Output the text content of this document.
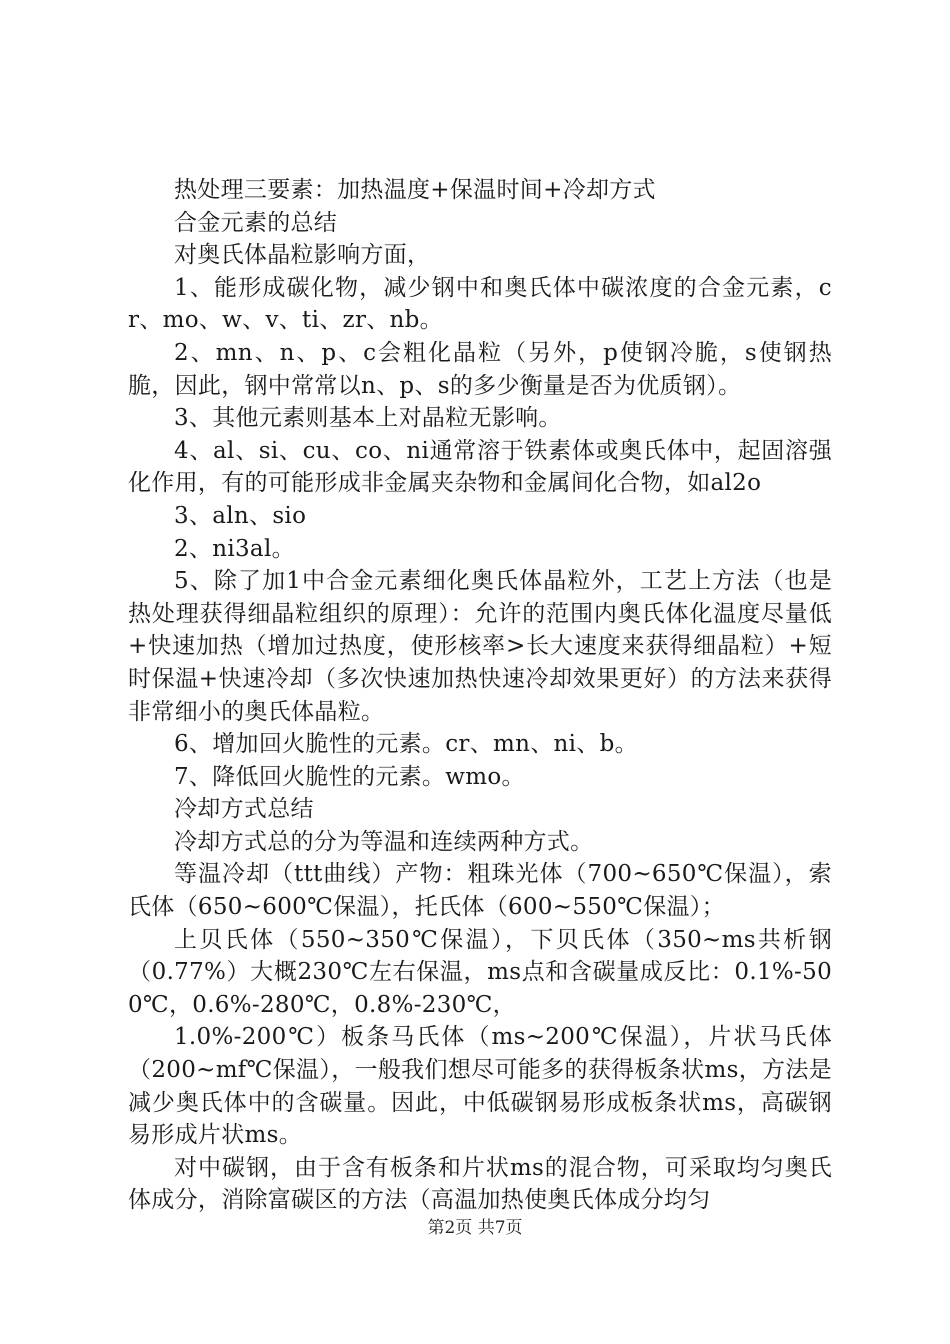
热处理三要素：加热温度+保温时间+冷却方式

合金元素的总结

对奥氏体晶粒影响方面，

1、能形成碳化物，减少钢中和奥氏体中碳浓度的合金元素，cr、mo、w、v、ti、zr、nb。

2、mn、n、p、c会粗化晶粒（另外，p使钢冷脆，s使钢热脆，因此，钢中常常以n、p、s的多少衡量是否为优质钢）。

3、其他元素则基本上对晶粒无影响。

4、al、si、cu、co、ni通常溶于铁素体或奥氏体中，起固溶强化作用，有的可能形成非金属夹杂物和金属间化合物，如al2o

3、aln、sio

2、ni3al。

5、除了加1中合金元素细化奥氏体晶粒外，工艺上方法（也是热处理获得细晶粒组织的原理）：允许的范围内奥氏体化温度尽量低+快速加热（增加过热度，使形核率>长大速度来获得细晶粒）+短时保温+快速冷却（多次快速加热快速冷却效果更好）的方法来获得非常细小的奥氏体晶粒。

6、增加回火脆性的元素。cr、mn、ni、b。

7、降低回火脆性的元素。wmo。

冷却方式总结

冷却方式总的分为等温和连续两种方式。

等温冷却（ttt曲线）产物：粗珠光体（700~650℃保温），索氏体（650~600℃保温），托氏体（600~550℃保温）；

上贝氏体（550~350℃保温），下贝氏体（350~ms共析钢（0.77%）大概230℃左右保温，ms点和含碳量成反比：0.1%-500℃，0.6%-280℃，0.8%-230℃，

1.0%-200℃）板条马氏体（ms~200℃保温），片状马氏体（200~mf℃保温），一般我们想尽可能多的获得板条状ms，方法是减少奥氏体中的含碳量。因此，中低碳钢易形成板条状ms，高碳钢易形成片状ms。

对中碳钢，由于含有板条和片状ms的混合物，可采取均匀奥氏体成分，消除富碳区的方法（高温加热使奥氏体成分均匀

第2页 共7页
